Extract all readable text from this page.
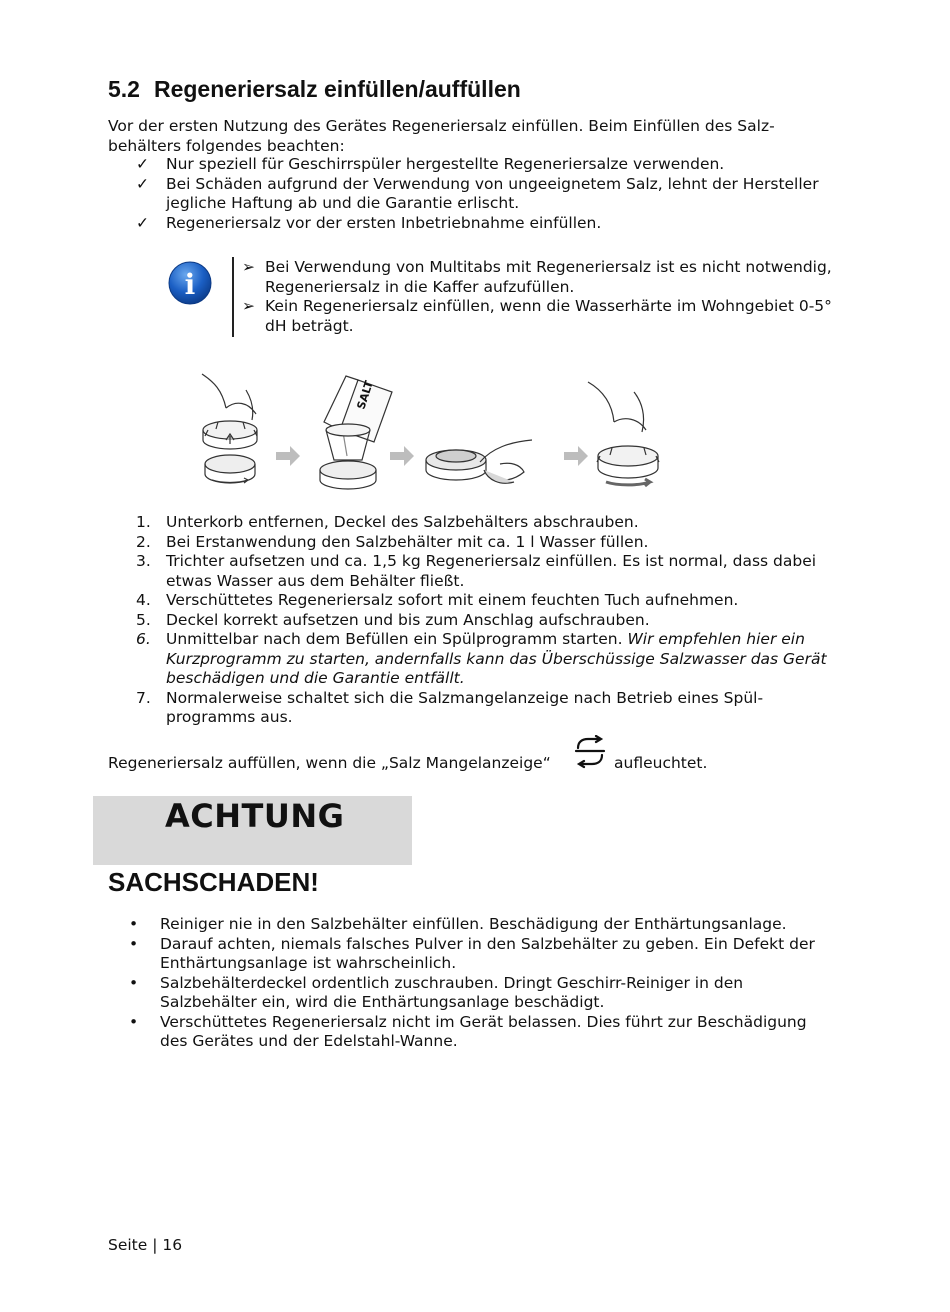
5.2 Regeneriersalz einfüllen/auffüllen

Vor der ersten Nutzung des Gerätes Regeneriersalz einfüllen. Beim Einfüllen des Salz-behälters folgendes beachten:

✓ Nur speziell für Geschirrspüler hergestellte Regeneriersalze verwenden.
✓ Bei Schäden aufgrund der Verwendung von ungeeignetem Salz, lehnt der Hersteller jegliche Haftung ab und die Garantie erlischt.
✓ Regeneriersalz vor der ersten Inbetriebnahme einfüllen.
i
➢ Bei Verwendung von Multitabs mit Regeneriersalz ist es nicht notwendig, Regeneriersalz in die Kaffer aufzufüllen.
➢ Kein Regeneriersalz einfüllen, wenn die Wasserhärte im Wohngebiet 0-5° dH beträgt.
SALT
1. Unterkorb entfernen, Deckel des Salzbehälters abschrauben.
2. Bei Erstanwendung den Salzbehälter mit ca. 1 l Wasser füllen.
3. Trichter aufsetzen und ca. 1,5 kg Regeneriersalz einfüllen. Es ist normal, dass dabei etwas Wasser aus dem Behälter fließt.
4. Verschüttetes Regeneriersalz sofort mit einem feuchten Tuch aufnehmen.
5. Deckel korrekt aufsetzen und bis zum Anschlag aufschrauben.
6. Unmittelbar nach dem Befüllen ein Spülprogramm starten. Wir empfehlen hier ein Kurzprogramm zu starten, andernfalls kann das Überschüssige Salzwasser das Gerät beschädigen und die Garantie entfällt.
7. Normalerweise schaltet sich die Salzmangelanzeige nach Betrieb eines Spül-programms aus.
Regeneriersalz auffüllen, wenn die „Salz Mangelanzeige“	aufleuchtet.
ACHTUNG
SACHSCHADEN!
• Reiniger nie in den Salzbehälter einfüllen. Beschädigung der Enthärtungsanlage.
• Darauf achten, niemals falsches Pulver in den Salzbehälter zu geben. Ein Defekt der Enthärtungsanlage ist wahrscheinlich.
• Salzbehälterdeckel ordentlich zuschrauben. Dringt Geschirr-Reiniger in den Salzbehälter ein, wird die Enthärtungsanlage beschädigt.
• Verschüttetes Regeneriersalz nicht im Gerät belassen. Dies führt zur Beschädigung des Gerätes und der Edelstahl-Wanne.
Seite | 16
